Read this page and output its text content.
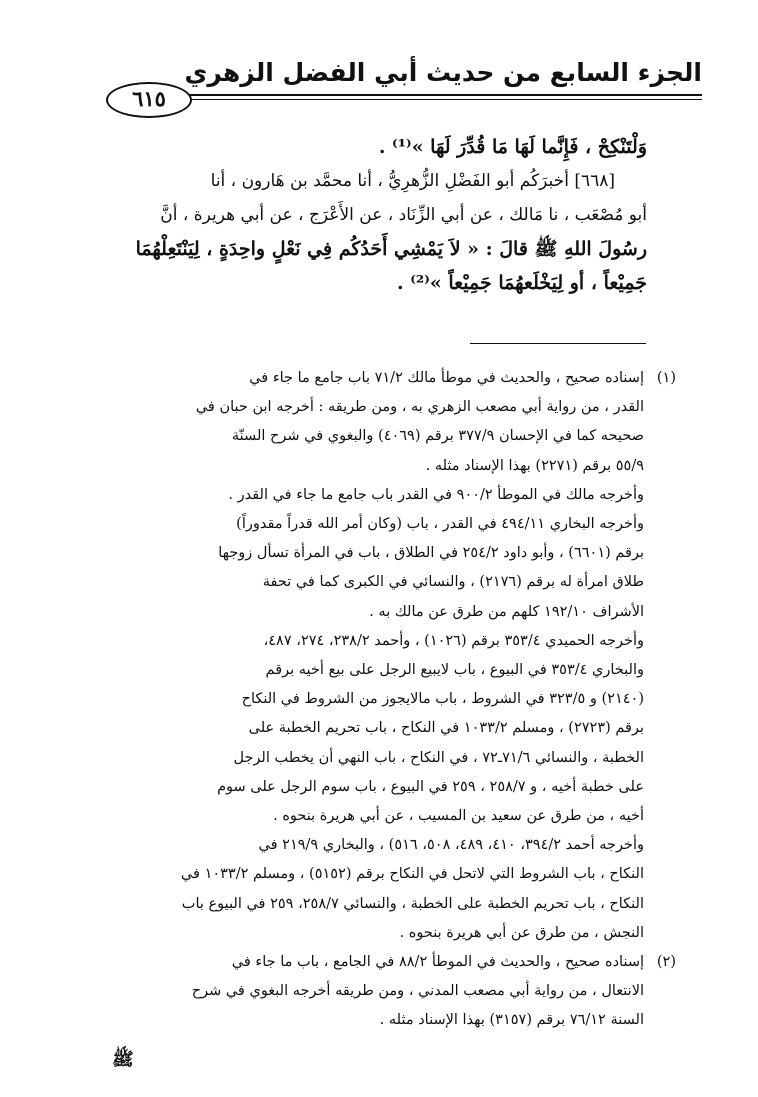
الجزء السابع من حديث أبي الفضل الزهري
٦١٥
وَلْتَنْكِحْ ، فَإِنَّما لَهَا مَا قُدِّرَ لَهَا »⁽¹⁾ .
[٦٦٨] أخبرَكُم أبو الفَضْلِ الزُّهرِيُّ ، أنا محمَّد بن هَارون ، أنا
أبو مُصْعَب ، نا مَالك ، عن أبي الزِّنَاد ، عن الأَعْرَج ، عن أبي هريرة ، أنَّ
رسُولَ اللهِ ﷺ قالَ : « لاَ يَمْشِي أَحَدُكُم فِي نَعْلٍ واحِدَةٍ ، لِيَنْتَعِلْهُمَا
جَمِيْعاً ، أو لِيَخْلَعهُمَا جَمِيْعاً »⁽²⁾ .
(١)إسناده صحيح ، والحديث في موطأ مالك ٧١/٢ باب جامع ما جاء في
القدر ، من رواية أبي مصعب الزهري به ، ومن طريقه : أخرجه ابن حبان في
صحيحه كما في الإحسان ٣٧٧/٩ برقم (٤٠٦٩) والبغوي في شرح السنّة
٥٥/٩ برقم (٢٢٧١) بهذا الإسناد مثله .
وأخرجه مالك في الموطأ ٩٠٠/٢ في القدر باب جامع ما جاء في القدر .
وأخرجه البخاري ٤٩٤/١١ في القدر ، باب (وكان أمر الله قدراً مقدوراً)
برقم (٦٦٠١) ، وأبو داود ٢٥٤/٢ في الطلاق ، باب في المرأة تسأل زوجها
طلاق امرأة له برقم (٢١٧٦) ، والنسائي في الكبرى كما في تحفة
الأشراف ١٩٢/١٠ كلهم من طرق عن مالك به .
وأخرجه الحميدي ٣٥٣/٤ برقم (١٠٢٦) ، وأحمد ٢٣٨/٢، ٢٧٤، ٤٨٧،
والبخاري ٣٥٣/٤ في البيوع ، باب لايبيع الرجل على بيع أخيه برقم
(٢١٤٠) و ٣٢٣/٥ في الشروط ، باب مالايجوز من الشروط في النكاح
برقم (٢٧٢٣) ، ومسلم ١٠٣٣/٢ في النكاح ، باب تحريم الخطبة على
الخطبة ، والنسائي ٧١/٦ـ٧٢ ، في النكاح ، باب النهي أن يخطب الرجل
على خطبة أخيه ، و ٢٥٨/٧ ، ٢٥٩ في البيوع ، باب سوم الرجل على سوم
أخيه ، من طرق عن سعيد بن المسيب ، عن أبي هريرة بنحوه .
وأخرجه أحمد ٣٩٤/٢، ٤١٠، ٤٨٩، ٥٠٨، ٥١٦) ، والبخاري ٢١٩/٩ في
النكاح ، باب الشروط التي لاتحل في النكاح برقم (٥١٥٢) ، ومسلم ١٠٣٣/٢ في
النكاح ، باب تحريم الخطبة على الخطبة ، والنسائي ٢٥٨/٧، ٢٥٩ في البيوع باب
النجش ، من طرق عن أبي هريرة بنحوه .
(٢)إسناده صحيح ، والحديث في الموطأ ٨٨/٢ في الجامع ، باب ما جاء في
الانتعال ، من رواية أبي مصعب المدني ، ومن طريقه أخرجه البغوي في شرح
السنة ٧٦/١٢ برقم (٣١٥٧) بهذا الإسناد مثله .
ﷺ
